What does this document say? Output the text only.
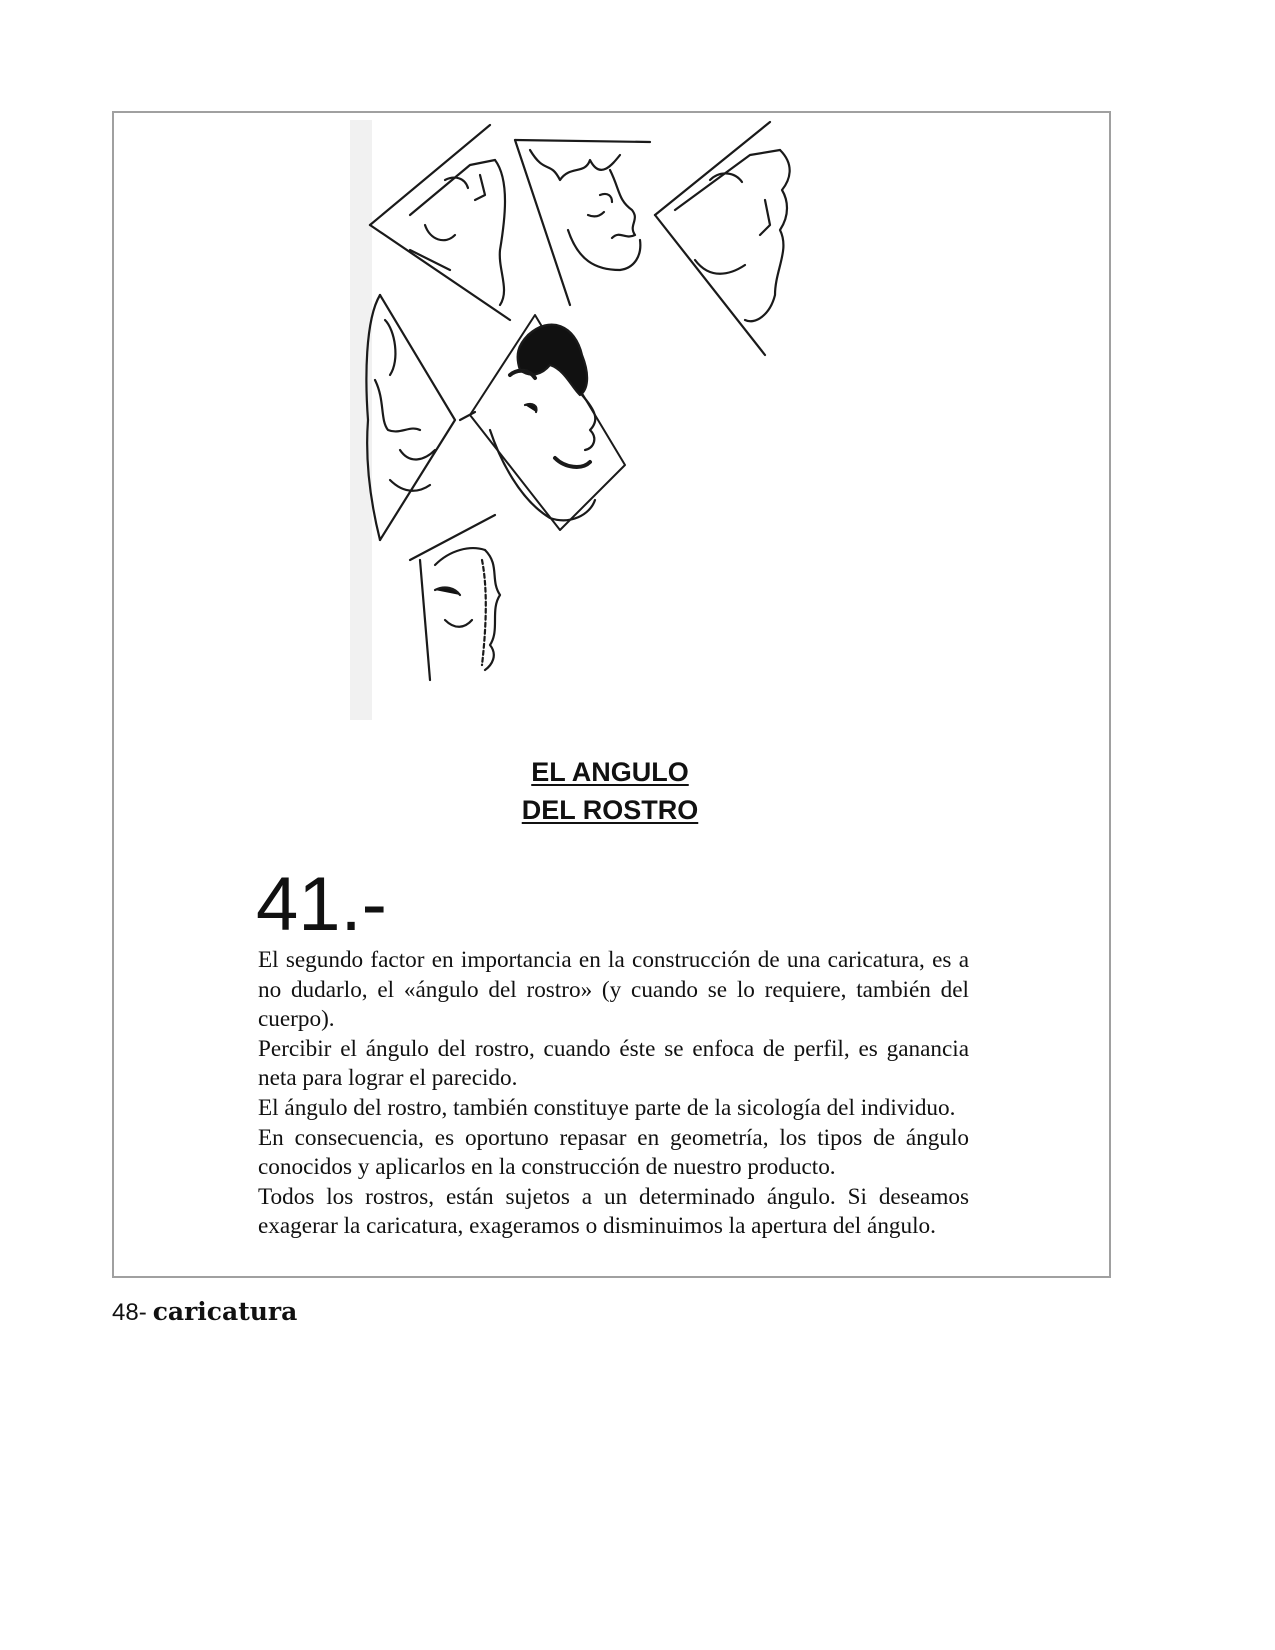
EL ANGULO
DEL ROSTRO
41.-

El segundo factor en importancia en la construcción de una caricatura, es a no dudarlo, el «ángulo del rostro» (y cuando se lo requiere, también del cuerpo).

Percibir el ángulo del rostro, cuando éste se enfoca de perfil, es ganancia neta para lograr el parecido.

El ángulo del rostro, también constituye parte de la sicología del individuo.

En consecuencia, es oportuno repasar en geometría, los tipos de ángulo conocidos y aplicarlos en la construcción de nuestro producto.

Todos los rostros, están sujetos a un determinado ángulo. Si deseamos exagerar la caricatura, exageramos o disminuimos la apertura del ángulo.

48- caricatura
